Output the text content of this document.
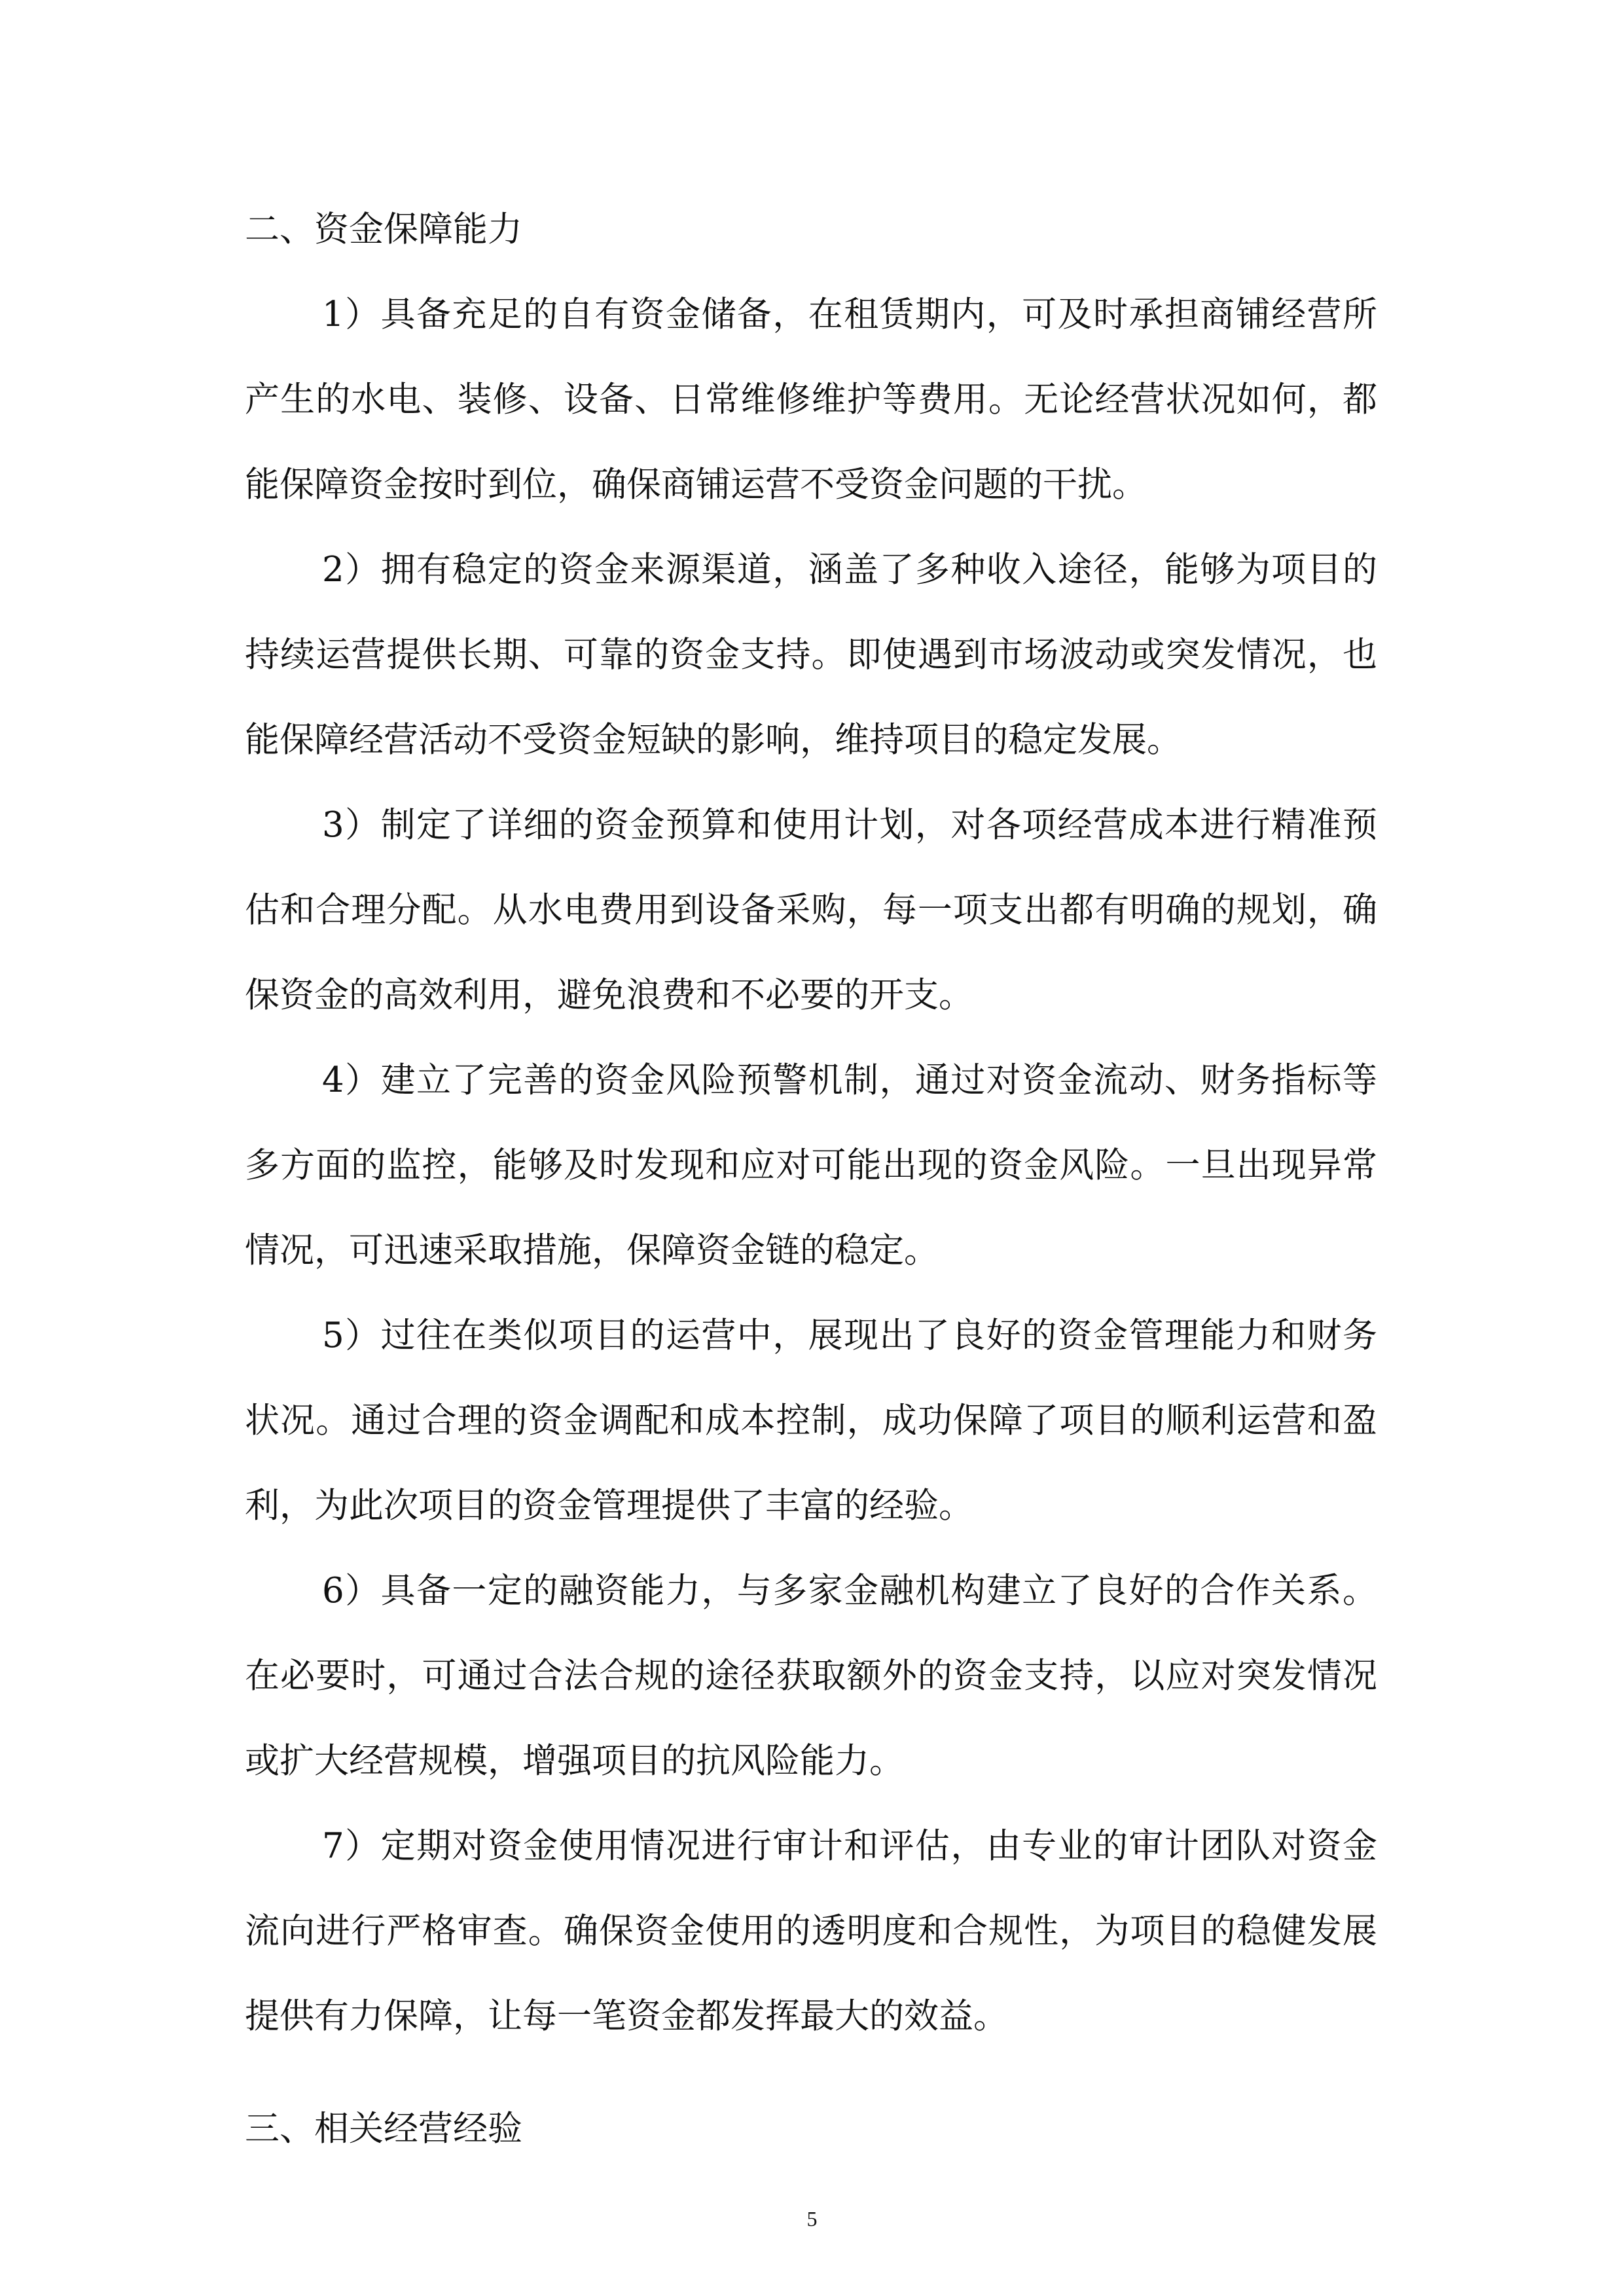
二、资金保障能力

1）具备充足的自有资金储备，在租赁期内，可及时承担商铺经营所产生的水电、装修、设备、日常维修维护等费用。无论经营状况如何，都能保障资金按时到位，确保商铺运营不受资金问题的干扰。

2）拥有稳定的资金来源渠道，涵盖了多种收入途径，能够为项目的持续运营提供长期、可靠的资金支持。即使遇到市场波动或突发情况，也能保障经营活动不受资金短缺的影响，维持项目的稳定发展。

3）制定了详细的资金预算和使用计划，对各项经营成本进行精准预估和合理分配。从水电费用到设备采购，每一项支出都有明确的规划，确保资金的高效利用，避免浪费和不必要的开支。

4）建立了完善的资金风险预警机制，通过对资金流动、财务指标等多方面的监控，能够及时发现和应对可能出现的资金风险。一旦出现异常情况，可迅速采取措施，保障资金链的稳定。

5）过往在类似项目的运营中，展现出了良好的资金管理能力和财务状况。通过合理的资金调配和成本控制，成功保障了项目的顺利运营和盈利，为此次项目的资金管理提供了丰富的经验。

6）具备一定的融资能力，与多家金融机构建立了良好的合作关系。在必要时，可通过合法合规的途径获取额外的资金支持，以应对突发情况或扩大经营规模，增强项目的抗风险能力。

7）定期对资金使用情况进行审计和评估，由专业的审计团队对资金流向进行严格审查。确保资金使用的透明度和合规性，为项目的稳健发展提供有力保障，让每一笔资金都发挥最大的效益。

三、相关经营经验

5
